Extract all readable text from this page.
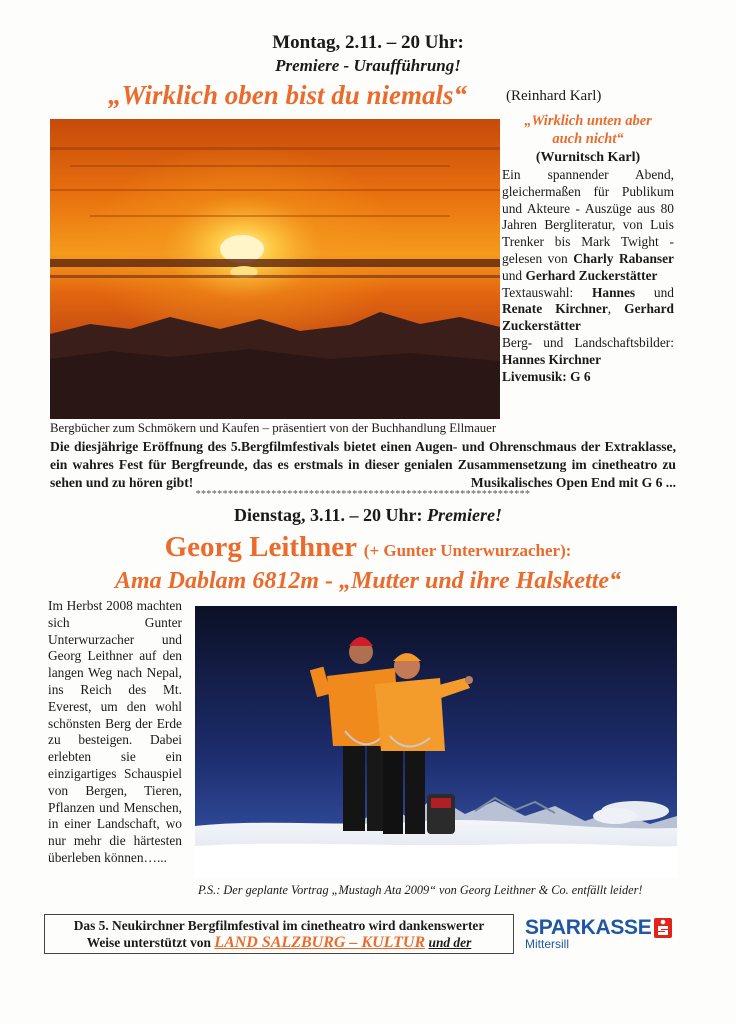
Montag, 2.11. – 20 Uhr:
Premiere - Uraufführung!
„Wirklich oben bist du niemals“	(Reinhard Karl)
„Wirklich unten aber auch nicht“
(Wurnitsch Karl)

Ein spannender Abend, gleichermaßen für Publikum und Akteure - Auszüge aus 80 Jahren Bergliteratur, von Luis Trenker bis Mark Twight - gelesen von Charly Rabanser und Gerhard Zuckerstätter

Textauswahl: Hannes und Renate Kirchner, Gerhard Zuckerstätter

Berg- und Landschaftsbilder: Hannes Kirchner

Livemusik: G 6

Bergbücher zum Schmökern und Kaufen – präsentiert von der Buchhandlung Ellmauer
Die diesjährige Eröffnung des 5.Bergfilmfestivals bietet einen Augen- und Ohrenschmaus der Extraklasse, ein wahres Fest für Bergfreunde, das es erstmals in dieser genialen Zusammensetzung im cinetheatro zu sehen und zu hören gibt!	Musikalisches Open End mit G 6 ...
**************************************************************
Dienstag, 3.11. – 20 Uhr: Premiere!
Georg Leithner (+ Gunter Unterwurzacher):
Ama Dablam 6812m - „Mutter und ihre Halskette“
Im Herbst 2008 machten sich Gunter Unterwurzacher und Georg Leithner auf den langen Weg nach Nepal, ins Reich des Mt. Everest, um den wohl schönsten Berg der Erde zu besteigen. Dabei erlebten sie ein einzigartiges Schauspiel von Bergen, Tieren, Pflanzen und Menschen, in einer Landschaft, wo nur mehr die härtesten überleben können…...
P.S.: Der geplante Vortrag „Mustagh Ata 2009“ von Georg Leithner & Co. entfällt leider!
Das 5. Neukirchner Bergfilmfestival im cinetheatro wird dankenswerter
Weise unterstützt von LAND SALZBURG – KULTUR und der
SPARKASSE
Mittersill
